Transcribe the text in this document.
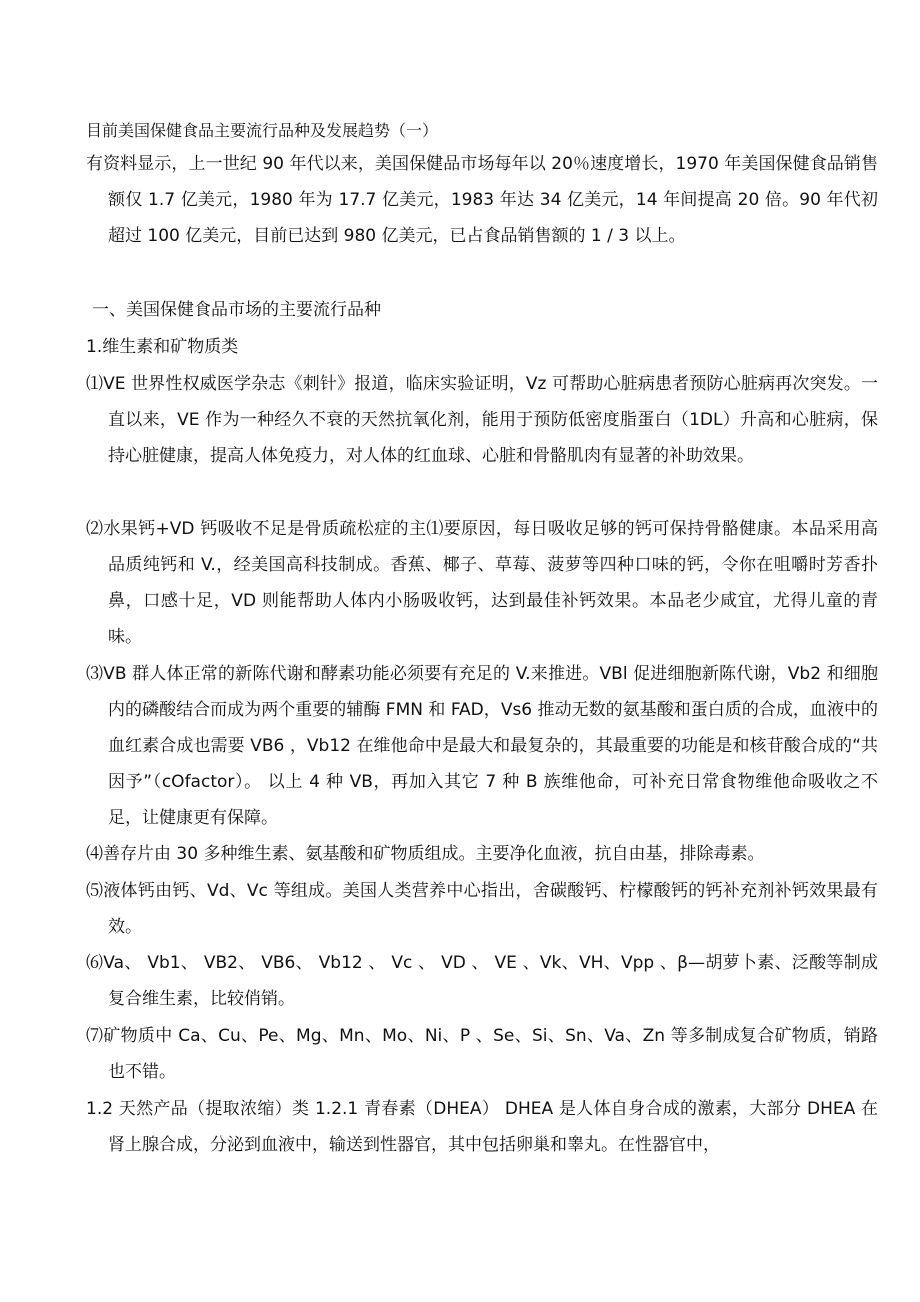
目前美国保健食品主要流行品种及发展趋势（一）
有资料显示，上一世纪 90 年代以来，美国保健品市场每年以 20％速度增长，1970 年美国保健食品销售额仅 1.7 亿美元，1980 年为 17.7 亿美元，1983 年达 34 亿美元，14 年间提高 20 倍。90 年代初超过 100 亿美元，目前已达到 980 亿美元，已占食品销售额的 1 / 3 以上。
一、美国保健食品市场的主要流行品种
1.维生素和矿物质类
⑴VE 世界性权威医学杂志《刺针》报道，临床实验证明，Vz 可帮助心脏病患者预防心脏病再次突发。一直以来，VE 作为一种经久不衰的天然抗氧化剂，能用于预防低密度脂蛋白（1DL）升高和心脏病，保持心脏健康，提高人体免疫力，对人体的红血球、心脏和骨骼肌肉有显著的补助效果。
⑵水果钙+VD 钙吸收不足是骨质疏松症的主⑴要原因，每日吸收足够的钙可保持骨骼健康。本品采用高品质纯钙和 V.，经美国高科技制成。香蕉、椰子、草莓、菠萝等四种口味的钙，令你在咀嚼时芳香扑鼻，口感十足，VD 则能帮助人体内小肠吸收钙，达到最佳补钙效果。本品老少咸宜，尤得儿童的青味。
⑶VB 群人体正常的新陈代谢和酵素功能必须要有充足的 V.来推进。VBl 促进细胞新陈代谢，Vb2 和细胞内的磷酸结合而成为两个重要的辅酶 FMN 和 FAD，Vs6 推动无数的氨基酸和蛋白质的合成，血液中的血红素合成也需要 VB6 ，Vb12 在维他命中是最大和最复杂的，其最重要的功能是和核苷酸合成的“共因予”（cOfactor）。 以上 4 种 VB，再加入其它 7 种 B 族维他命，可补充日常食物维他命吸收之不足，让健康更有保障。
⑷善存片由 30 多种维生素、氨基酸和矿物质组成。主要净化血液，抗自由基，排除毒素。
⑸液体钙由钙、Vd、Vc 等组成。美国人类营养中心指出，舍碳酸钙、柠檬酸钙的钙补充剂补钙效果最有效。
⑹Va、 Vb1、 VB2、 VB6、 Vb12 、 Vc 、 VD 、 VE 、Vk、VH、Vpp 、β—胡萝卜素、泛酸等制成复合维生素，比较俏销。
⑺矿物质中 Ca、Cu、Pe、Mg、Mn、Mo、Ni、P 、Se、Si、Sn、Va、Zn 等多制成复合矿物质，销路也不错。
1.2 天然产品（提取浓缩）类 1.2.1 青春素（DHEA） DHEA 是人体自身合成的激素，大部分 DHEA 在肾上腺合成，分泌到血液中，输送到性器官，其中包括卵巢和睾丸。在性器官中，
